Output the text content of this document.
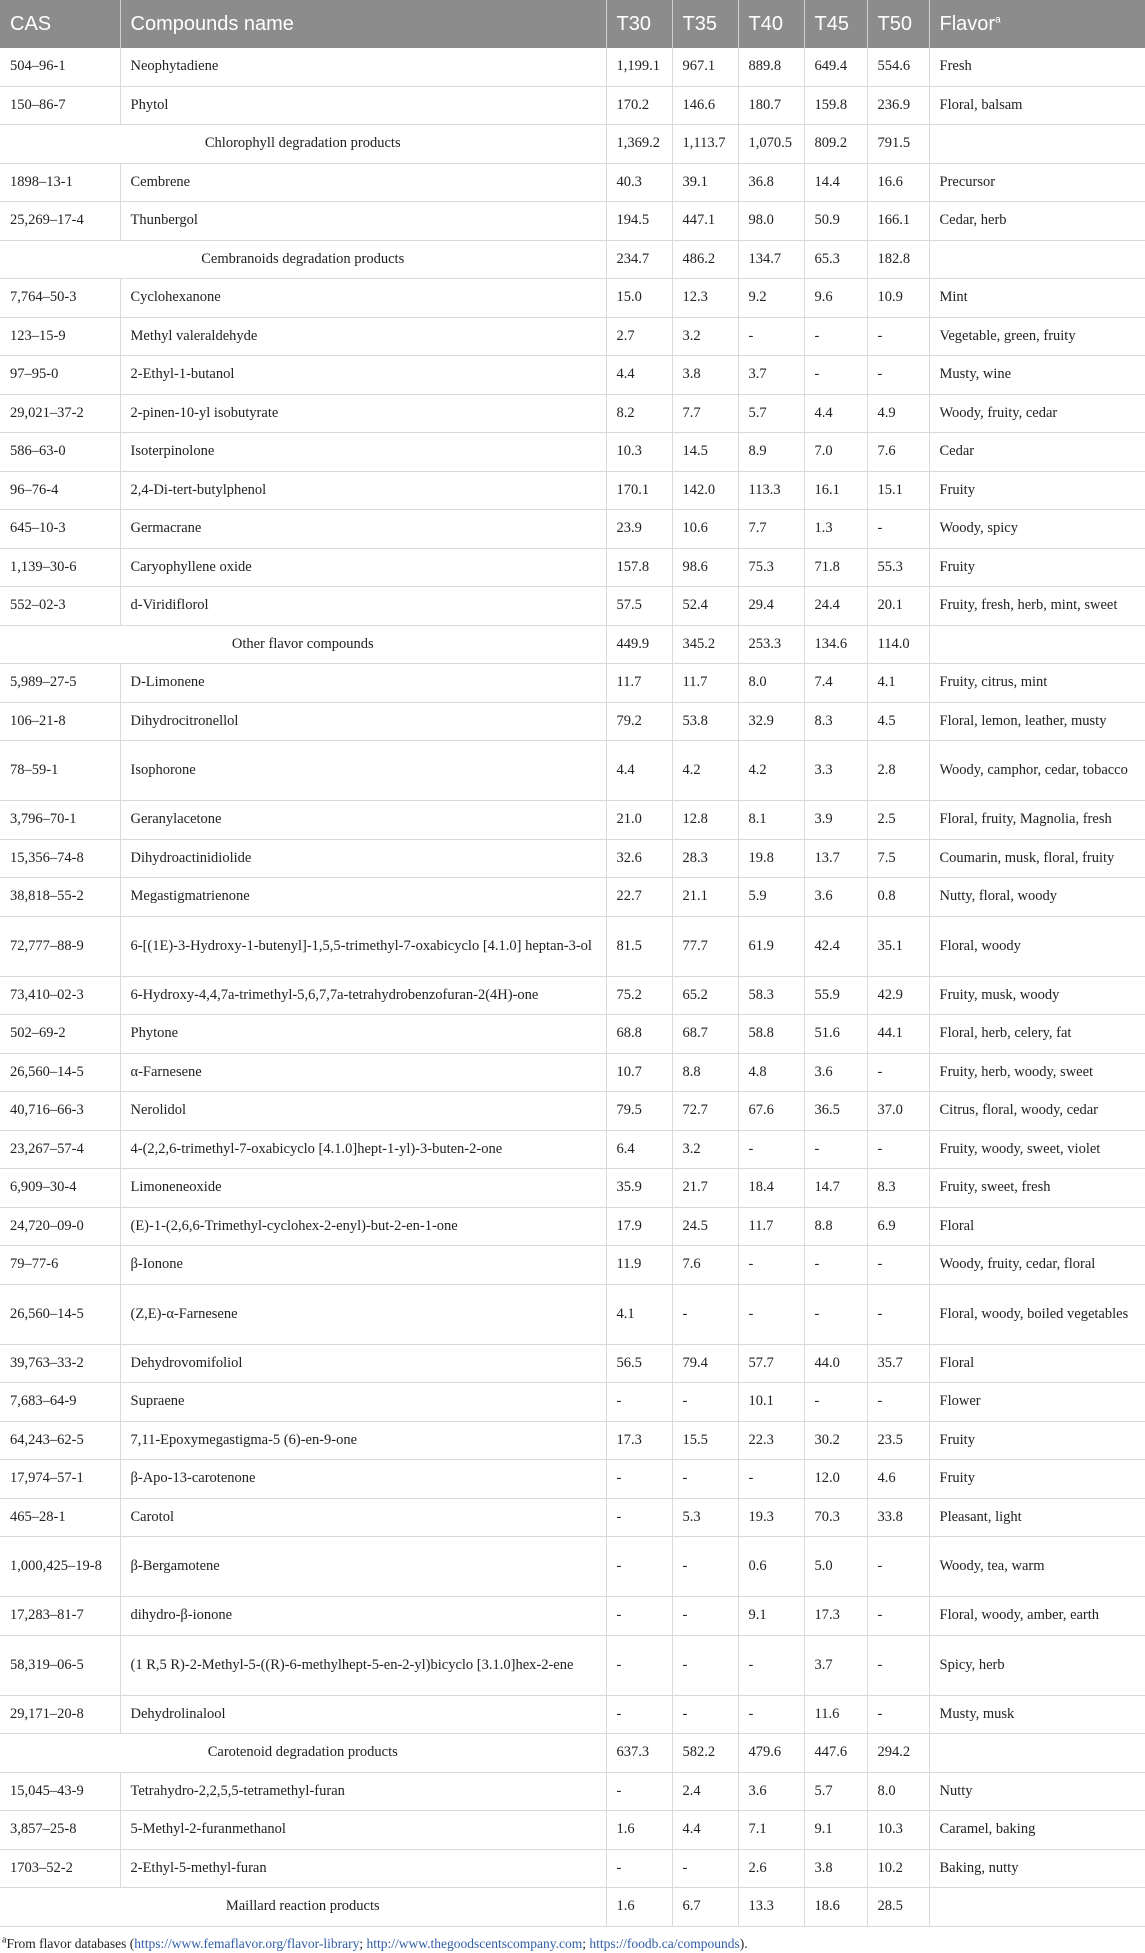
CAS	Compounds name	T30	T35	T40	T45	T50	Flavor$^a$
504–96-1	Neophytadiene	1,199.1	967.1	889.8	649.4	554.6	Fresh
150–86-7	Phytol	170.2	146.6	180.7	159.8	236.9	Floral, balsam
Chlorophyll degradation products		1,369.2	1,113.7	1,070.5	809.2	791.5	
1898–13-1	Cembrene	40.3	39.1	36.8	14.4	16.6	Precursor
25,269–17-4	Thunbergol	194.5	447.1	98.0	50.9	166.1	Cedar, herb
Cembranoids degradation products		234.7	486.2	134.7	65.3	182.8	
7,764–50-3	Cyclohexanone	15.0	12.3	9.2	9.6	10.9	Mint
123–15-9	Methyl valeraldehyde	2.7	3.2	-	-	-	Vegetable, green, fruity
97–95-0	2-Ethyl-1-butanol	4.4	3.8	3.7	-	-	Musty, wine
29,021–37-2	2-pinen-10-yl isobutyrate	8.2	7.7	5.7	4.4	4.9	Woody, fruity, cedar
586–63-0	Isoterpinolone	10.3	14.5	8.9	7.0	7.6	Cedar
96–76-4	2,4-Di-tert-butylphenol	170.1	142.0	113.3	16.1	15.1	Fruity
645–10-3	Germacrane	23.9	10.6	7.7	1.3	-	Woody, spicy
1,139–30-6	Caryophyllene oxide	157.8	98.6	75.3	71.8	55.3	Fruity
552–02-3	d-Viridiflorol	57.5	52.4	29.4	24.4	20.1	Fruity, fresh, herb, mint, sweet
Other flavor compounds		449.9	345.2	253.3	134.6	114.0	
5,989–27-5	D-Limonene	11.7	11.7	8.0	7.4	4.1	Fruity, citrus, mint
106–21-8	Dihydrocitronellol	79.2	53.8	32.9	8.3	4.5	Floral, lemon, leather, musty
78–59-1	Isophorone	4.4	4.2	4.2	3.3	2.8	Woody, camphor, cedar, tobacco
3,796–70-1	Geranylacetone	21.0	12.8	8.1	3.9	2.5	Floral, fruity, Magnolia, fresh
15,356–74-8	Dihydroactinidiolide	32.6	28.3	19.8	13.7	7.5	Coumarin, musk, floral, fruity
38,818–55-2	Megastigmatrienone	22.7	21.1	5.9	3.6	0.8	Nutty, floral, woody
72,777–88-9	6-[(1E)-3-Hydroxy-1-butenyl]-1,5,5-trimethyl-7-oxabicyclo [4.1.0] heptan-3-ol	81.5	77.7	61.9	42.4	35.1	Floral, woody
73,410–02-3	6-Hydroxy-4,4,7a-trimethyl-5,6,7,7a-tetrahydrobenzofuran-2(4H)-one	75.2	65.2	58.3	55.9	42.9	Fruity, musk, woody
502–69-2	Phytone	68.8	68.7	58.8	51.6	44.1	Floral, herb, celery, fat
26,560–14-5	α-Farnesene	10.7	8.8	4.8	3.6	-	Fruity, herb, woody, sweet
40,716–66-3	Nerolidol	79.5	72.7	67.6	36.5	37.0	Citrus, floral, woody, cedar
23,267–57-4	4-(2,2,6-trimethyl-7-oxabicyclo [4.1.0]hept-1-yl)-3-buten-2-one	6.4	3.2	-	-	-	Fruity, woody, sweet, violet
6,909–30-4	Limoneneoxide	35.9	21.7	18.4	14.7	8.3	Fruity, sweet, fresh
24,720–09-0	(E)-1-(2,6,6-Trimethyl-cyclohex-2-enyl)-but-2-en-1-one	17.9	24.5	11.7	8.8	6.9	Floral
79–77-6	β-Ionone	11.9	7.6	-	-	-	Woody, fruity, cedar, floral
26,560–14-5	(Z,E)-α-Farnesene	4.1	-	-	-	-	Floral, woody, boiled vegetables
39,763–33-2	Dehydrovomifoliol	56.5	79.4	57.7	44.0	35.7	Floral
7,683–64-9	Supraene	-	-	10.1	-	-	Flower
64,243–62-5	7,11-Epoxymegastigma-5 (6)-en-9-one	17.3	15.5	22.3	30.2	23.5	Fruity
17,974–57-1	β-Apo-13-carotenone	-	-	-	12.0	4.6	Fruity
465–28-1	Carotol	-	5.3	19.3	70.3	33.8	Pleasant, light
1,000,425–19-8	β-Bergamotene	-	-	0.6	5.0	-	Woody, tea, warm
17,283–81-7	dihydro-β-ionone	-	-	9.1	17.3	-	Floral, woody, amber, earth
58,319–06-5	(1 R,5 R)-2-Methyl-5-((R)-6-methylhept-5-en-2-yl)bicyclo [3.1.0]hex-2-ene	-	-	-	3.7	-	Spicy, herb
29,171–20-8	Dehydrolinalool	-	-	-	11.6	-	Musty, musk
Carotenoid degradation products		637.3	582.2	479.6	447.6	294.2	
15,045–43-9	Tetrahydro-2,2,5,5-tetramethyl-furan	-	2.4	3.6	5.7	8.0	Nutty
3,857–25-8	5-Methyl-2-furanmethanol	1.6	4.4	7.1	9.1	10.3	Caramel, baking
1703–52-2	2-Ethyl-5-methyl-furan	-	-	2.6	3.8	10.2	Baking, nutty
Maillard reaction products		1.6	6.7	13.3	18.6	28.5	
$^a$From flavor databases (https://www.femaflavor.org/flavor-library; http://www.thegoodscentscompany.com; https://foodb.ca/compounds).
